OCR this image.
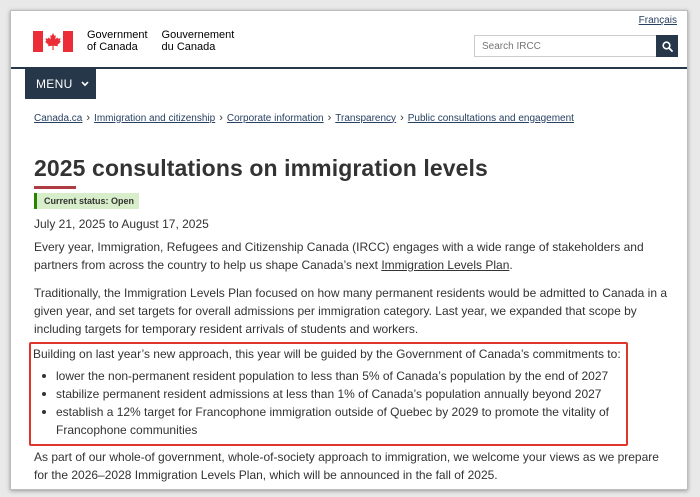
Français
Government
of Canada
Gouvernement
du Canada
Search IRCC
MENU
Canada.ca › Immigration and citizenship › Corporate information › Transparency › Public consultations and engagement
2025 consultations on immigration levels
Current status: Open
July 21, 2025 to August 17, 2025

Every year, Immigration, Refugees and Citizenship Canada (IRCC) engages with a wide range of stakeholders and partners from across the country to help us shape Canada’s next Immigration Levels Plan.

Traditionally, the Immigration Levels Plan focused on how many permanent residents would be admitted to Canada in a given year, and set targets for overall admissions per immigration category. Last year, we expanded that scope by including targets for temporary resident arrivals of students and workers.

Building on last year’s new approach, this year will be guided by the Government of Canada’s commitments to:

lower the non-permanent resident population to less than 5% of Canada’s population by the end of 2027
stabilize permanent resident admissions at less than 1% of Canada’s population annually beyond 2027
establish a 12% target for Francophone immigration outside of Quebec by 2029 to promote the vitality of Francophone communities

As part of our whole-of government, whole-of-society approach to immigration, we welcome your views as we prepare for the 2026–2028 Immigration Levels Plan, which will be announced in the fall of 2025.
